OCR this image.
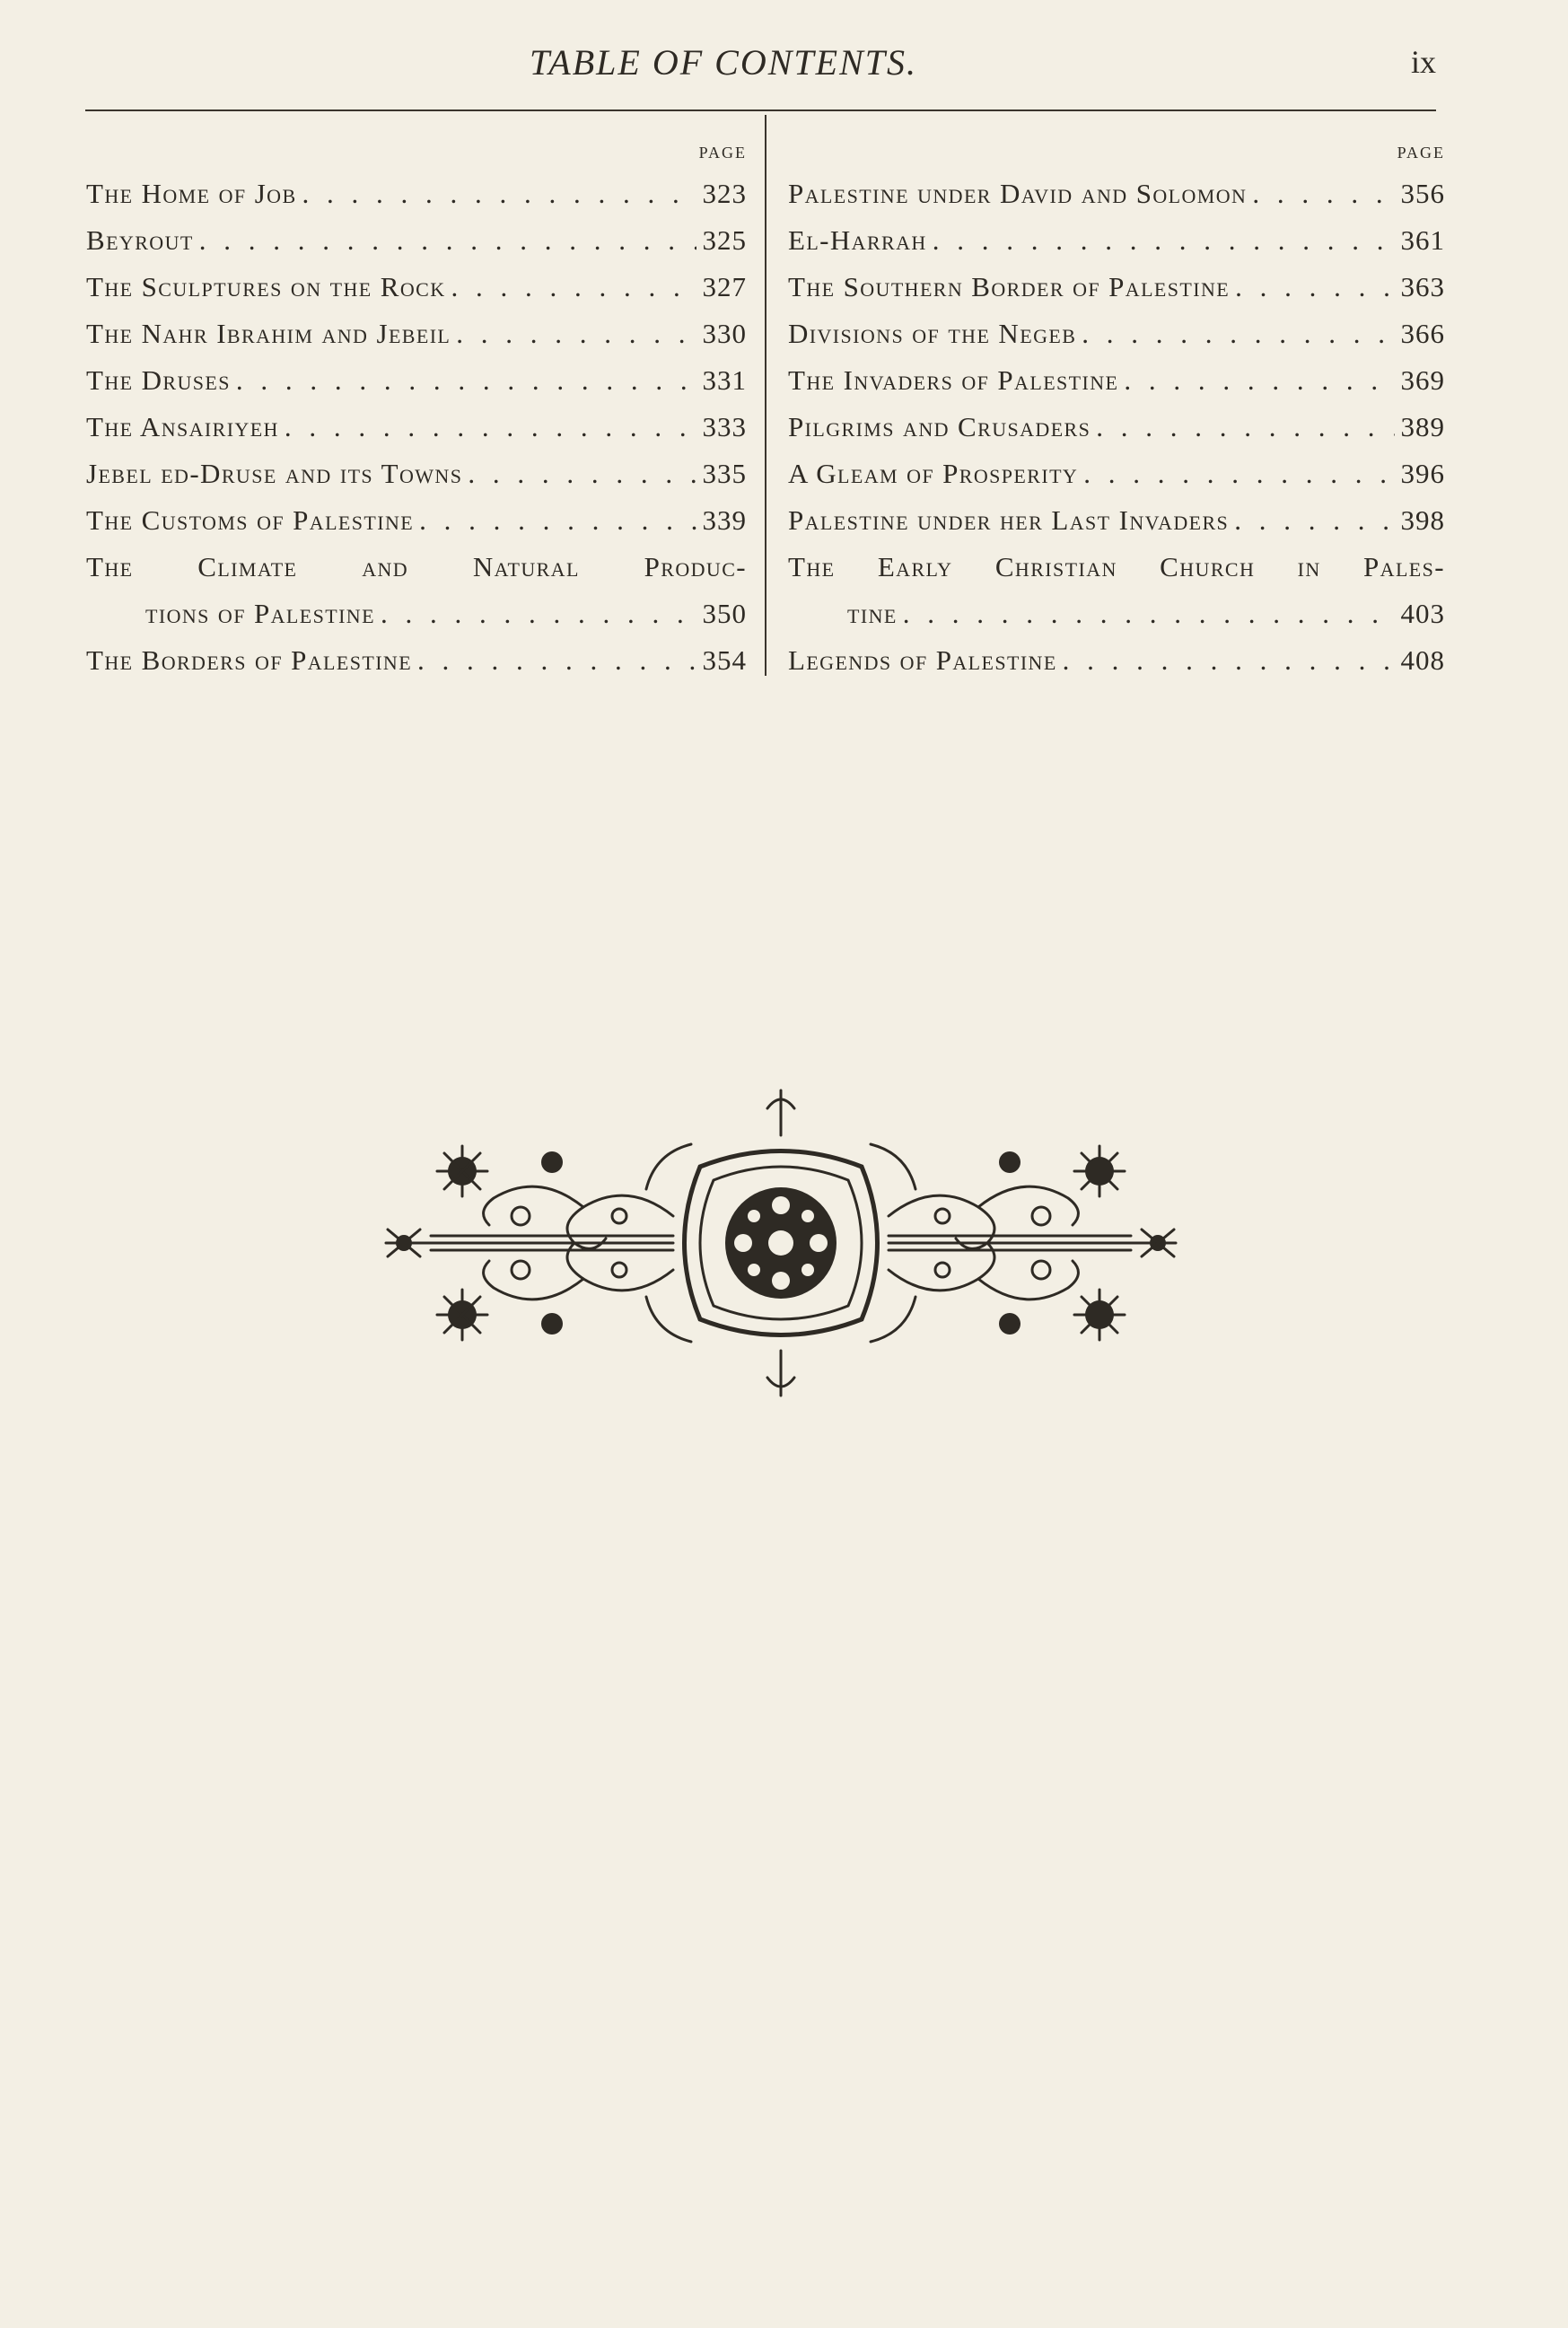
TABLE OF CONTENTS.	ix
PAGE
The Home of Job . . .	323
Beyrout . . .	325
The Sculptures on the Rock . . .	327
The Nahr Ibrahim and Jebeil . . .	330
The Druses . . .	331
The Ansairiyeh . . .	333
Jebel ed-Druse and its Towns . . .	335
The Customs of Palestine . . .	339
The Climate and Natural Produc-
tions of Palestine . . .	350
The Borders of Palestine . . .	354
PAGE
Palestine under David and Solomon . . .	356
El-Harrah . . .	361
The Southern Border of Palestine . . .	363
Divisions of the Negeb . . .	366
The Invaders of Palestine . . .	369
Pilgrims and Crusaders . . .	389
A Gleam of Prosperity . . .	396
Palestine under her Last Invaders . . .	398
The Early Christian Church in Pales-
tine . . .	403
Legends of Palestine . . .	408
